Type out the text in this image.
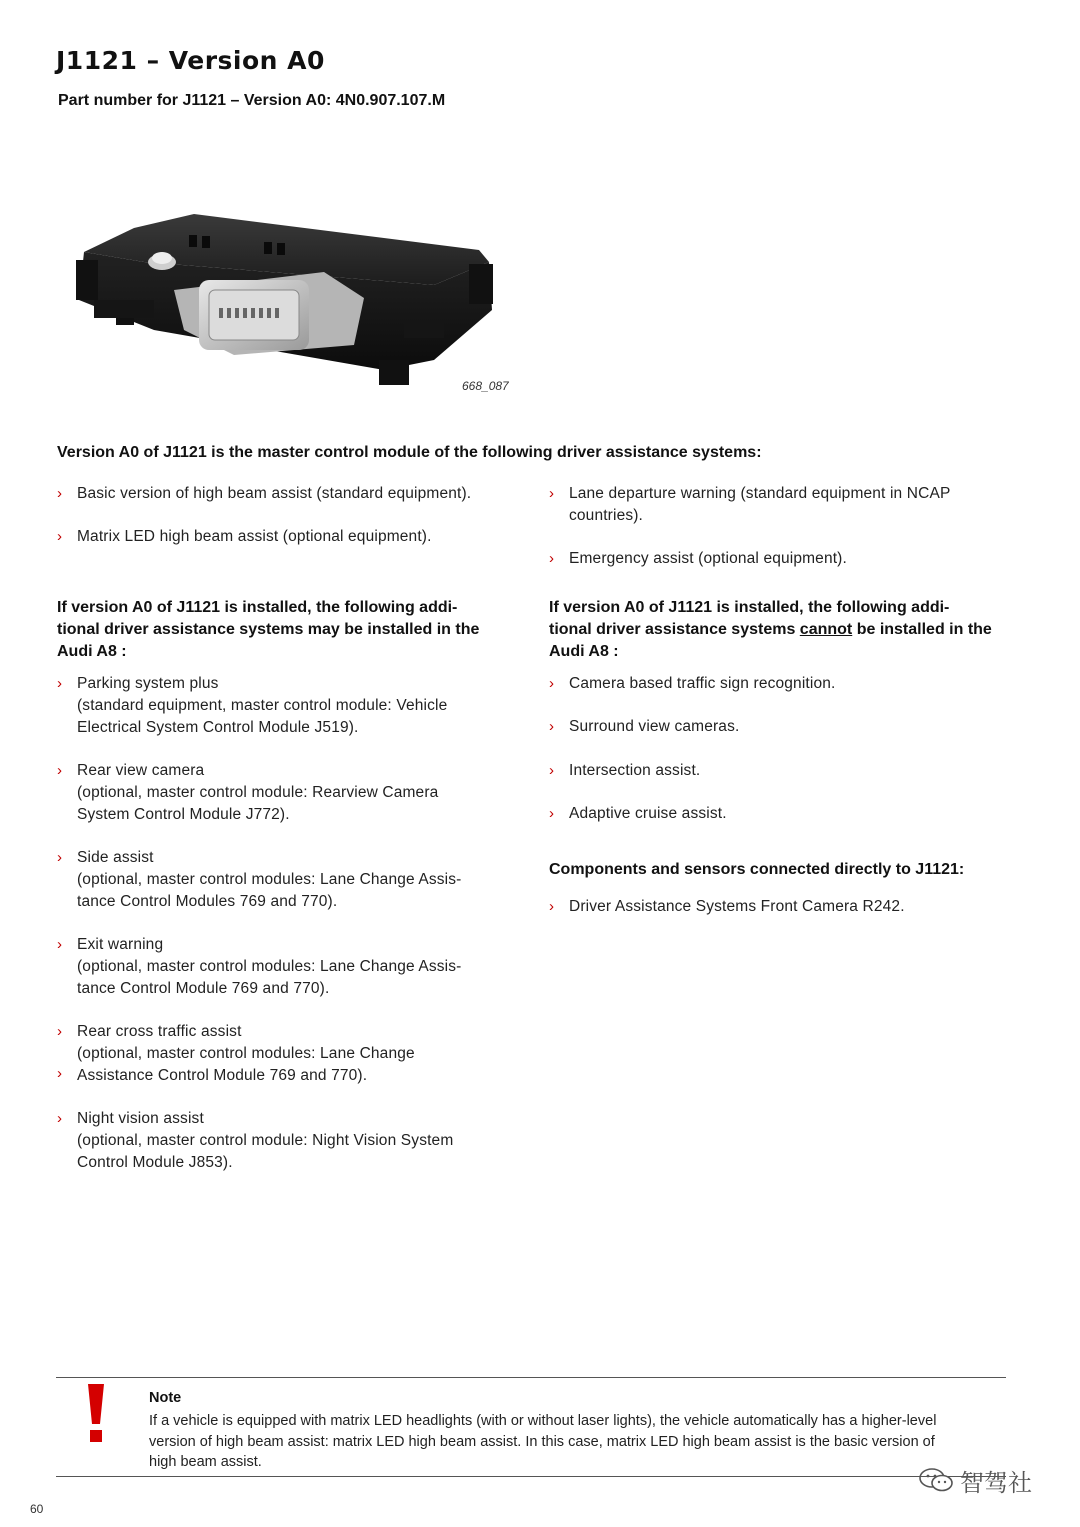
J1121 – Version A0

Part number for J1121 – Version A0: 4N0.907.107.M

668_087

Version A0 of J1121 is the master control module of the following driver assistance systems:

› Basic version of high beam assist (standard equipment).
› Matrix LED high beam assist (optional equipment).
› Lane departure warning (standard equipment in NCAP
countries).
› Emergency assist (optional equipment).
If version A0 of J1121 is installed, the following addi-
tional driver assistance systems may be installed in the
Audi A8 :
› Parking system plus
(standard equipment, master control module: Vehicle
Electrical System Control Module J519).
› Rear view camera
(optional, master control module: Rearview Camera
System Control Module J772).
› Side assist
(optional, master control modules: Lane Change Assis-
tance Control Modules 769 and 770).
› Exit warning
(optional, master control modules: Lane Change Assis-
tance Control Module 769 and 770).
› Rear cross traffic assist
(optional, master control modules: Lane Change
Assistance Control Module 769 and 770).
› Night vision assist
(optional, master control module: Night Vision System
Control Module J853).
›
If version A0 of J1121 is installed, the following addi-
tional driver assistance systems cannot be installed in the
Audi A8 :
› Camera based traffic sign recognition.
› Surround view cameras.
› Intersection assist.
› Adaptive cruise assist.
Components and sensors connected directly to J1121:
› Driver Assistance Systems Front Camera R242.

Note

If a vehicle is equipped with matrix LED headlights (with or without laser lights), the vehicle automatically has a higher-level
version of high beam assist: matrix LED high beam assist. In this case, matrix LED high beam assist is the basic version of
high beam assist.

60
智驾社
